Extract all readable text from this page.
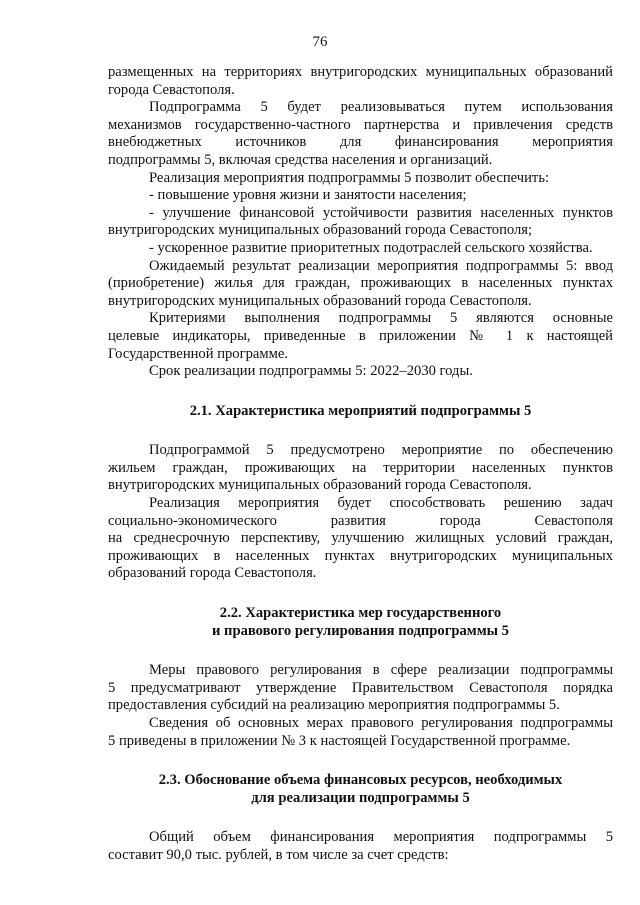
76
размещенных на территориях внутригородских муниципальных образований
города Севастополя.
Подпрограмма 5 будет реализовываться путем использования
механизмов государственно-частного партнерства и привлечения средств
внебюджетных источников для финансирования мероприятия
подпрограммы 5, включая средства населения и организаций.
Реализация мероприятия подпрограммы 5 позволит обеспечить:
- повышение уровня жизни и занятости населения;
- улучшение финансовой устойчивости развития населенных пунктов
внутригородских муниципальных образований города Севастополя;
- ускоренное развитие приоритетных подотраслей сельского хозяйства.
Ожидаемый результат реализации мероприятия подпрограммы 5: ввод
(приобретение) жилья для граждан, проживающих в населенных пунктах
внутригородских муниципальных образований города Севастополя.
Критериями выполнения подпрограммы 5 являются основные
целевые индикаторы, приведенные в приложении № 1 к настоящей
Государственной программе.
Срок реализации подпрограммы 5: 2022–2030 годы.
2.1. Характеристика мероприятий подпрограммы 5
Подпрограммой 5 предусмотрено мероприятие по обеспечению
жильем граждан, проживающих на территории населенных пунктов
внутригородских муниципальных образований города Севастополя.
Реализация мероприятия будет способствовать решению задач
социально-экономического развития города Севастополя
на среднесрочную перспективу, улучшению жилищных условий граждан,
проживающих в населенных пунктах внутригородских муниципальных
образований города Севастополя.
2.2. Характеристика мер государственного
и правового регулирования подпрограммы 5
Меры правового регулирования в сфере реализации подпрограммы
5 предусматривают утверждение Правительством Севастополя порядка
предоставления субсидий на реализацию мероприятия подпрограммы 5.
Сведения об основных мерах правового регулирования подпрограммы
5 приведены в приложении № 3 к настоящей Государственной программе.
2.3. Обоснование объема финансовых ресурсов, необходимых
для реализации подпрограммы 5
Общий объем финансирования мероприятия подпрограммы 5
составит 90,0 тыс. рублей, в том числе за счет средств:
